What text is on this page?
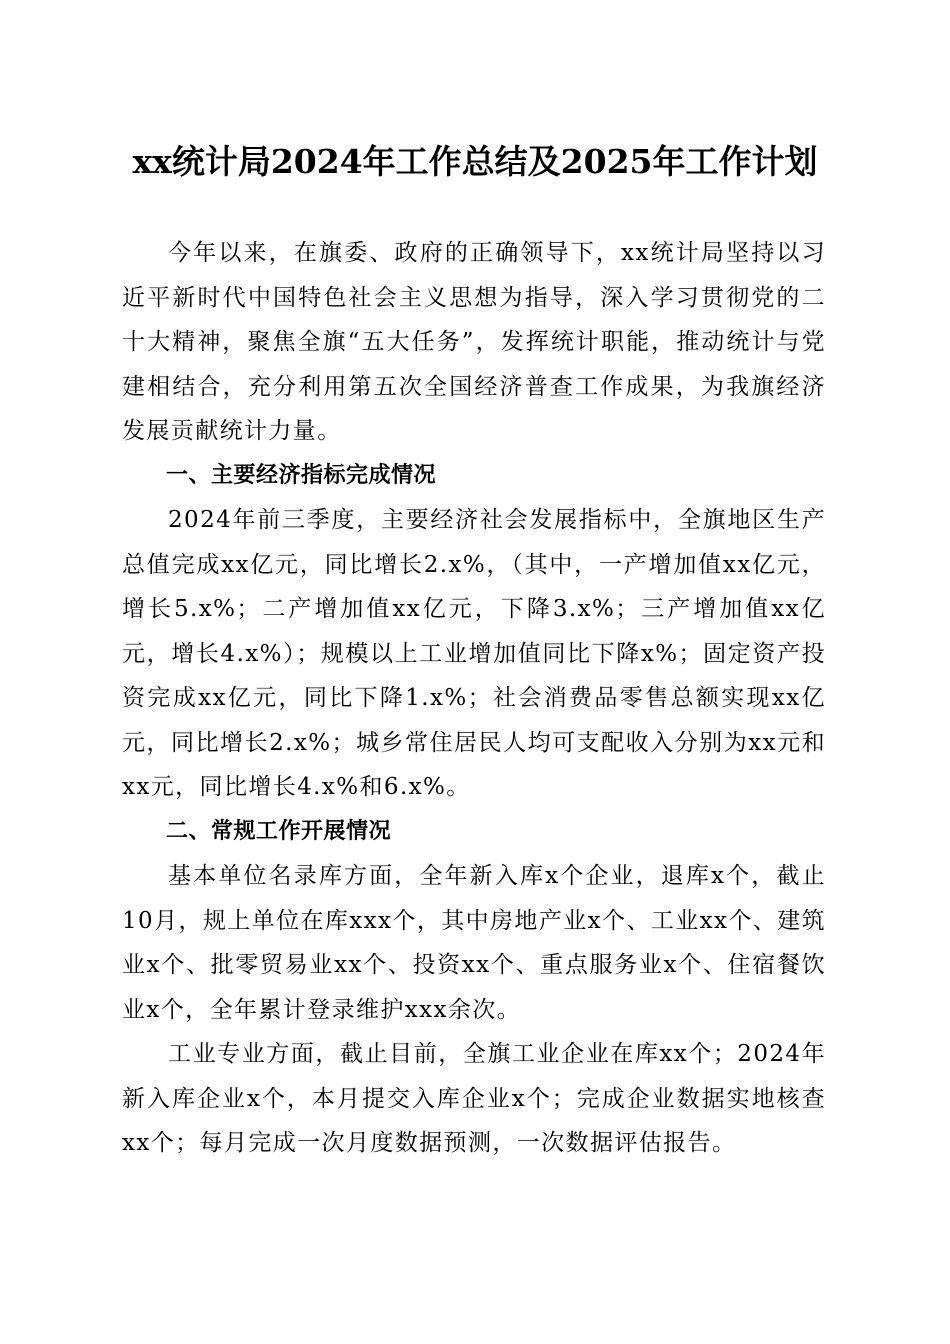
xx统计局2024年工作总结及2025年工作计划

今年以来，在旗委、政府的正确领导下，xx统计局坚持以习近平新时代中国特色社会主义思想为指导，深入学习贯彻党的二十大精神，聚焦全旗“五大任务”，发挥统计职能，推动统计与党建相结合，充分利用第五次全国经济普查工作成果，为我旗经济发展贡献统计力量。

一、主要经济指标完成情况

2024年前三季度，主要经济社会发展指标中，全旗地区生产总值完成xx亿元，同比增长2.x%，（其中，一产增加值xx亿元，增长5.x%；二产增加值xx亿元，下降3.x%；三产增加值xx亿元，增长4.x%）；规模以上工业增加值同比下降x%；固定资产投资完成xx亿元，同比下降1.x%；社会消费品零售总额实现xx亿元，同比增长2.x%；城乡常住居民人均可支配收入分别为xx元和xx元，同比增长4.x%和6.x%。

二、常规工作开展情况

基本单位名录库方面，全年新入库x个企业，退库x个，截止10月，规上单位在库xxx个，其中房地产业x个、工业xx个、建筑业x个、批零贸易业xx个、投资xx个、重点服务业x个、住宿餐饮业x个，全年累计登录维护xxx余次。

工业专业方面，截止目前，全旗工业企业在库xx个；2024年新入库企业x个，本月提交入库企业x个；完成企业数据实地核查xx个；每月完成一次月度数据预测，一次数据评估报告。
